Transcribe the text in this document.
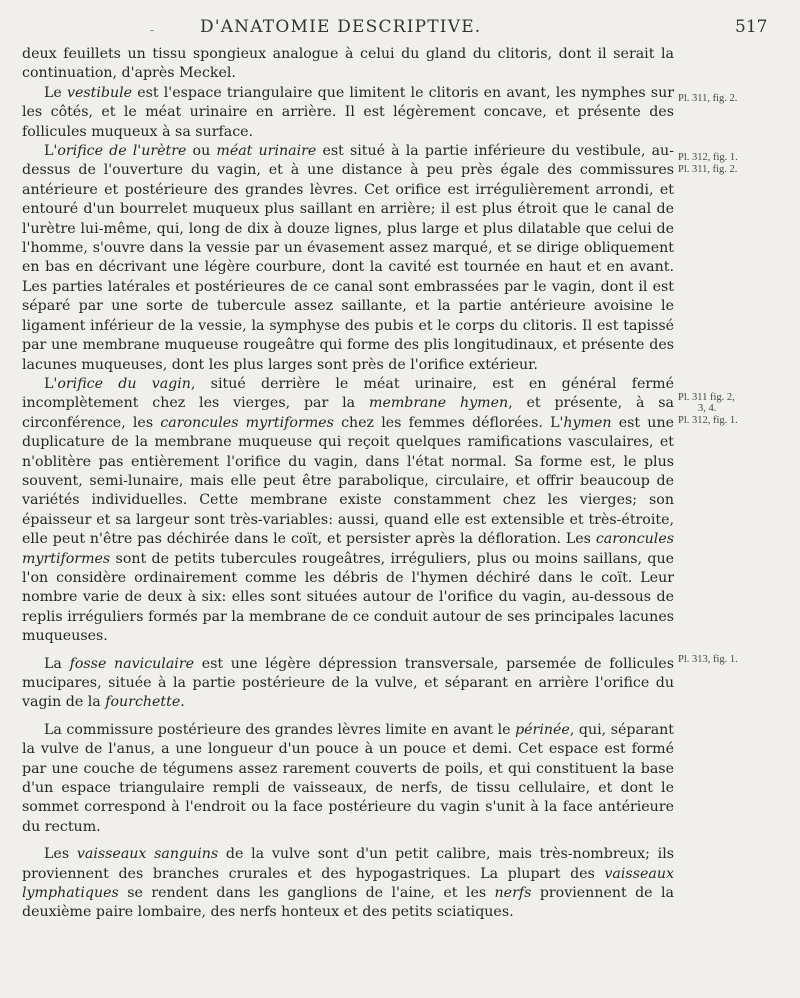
-	D'ANATOMIE DESCRIPTIVE.	517

deux feuillets un tissu spongieux analogue à celui du gland du clitoris, dont il serait la continuation, d'après Meckel.

Le vestibule est l'espace triangulaire que limitent le clitoris en avant, les nymphes sur les côtés, et le méat urinaire en arrière. Il est légèrement concave, et présente des follicules muqueux à sa surface.

L'orifice de l'urètre ou méat urinaire est situé à la partie inférieure du vestibule, au-dessus de l'ouverture du vagin, et à une distance à peu près égale des commissures antérieure et postérieure des grandes lèvres. Cet orifice est irrégulièrement arrondi, et entouré d'un bourrelet muqueux plus saillant en arrière; il est plus étroit que le canal de l'urètre lui-même, qui, long de dix à douze lignes, plus large et plus dilatable que celui de l'homme, s'ouvre dans la vessie par un évasement assez marqué, et se dirige obliquement en bas en décrivant une légère courbure, dont la cavité est tournée en haut et en avant. Les parties latérales et postérieures de ce canal sont embrassées par le vagin, dont il est séparé par une sorte de tubercule assez saillante, et la partie antérieure avoisine le ligament inférieur de la vessie, la symphyse des pubis et le corps du clitoris. Il est tapissé par une membrane muqueuse rougeâtre qui forme des plis longitudinaux, et présente des lacunes muqueuses, dont les plus larges sont près de l'orifice extérieur.

L'orifice du vagin, situé derrière le méat urinaire, est en général fermé incomplètement chez les vierges, par la membrane hymen, et présente, à sa circonférence, les caroncules myrtiformes chez les femmes déflorées. L'hymen est une duplicature de la membrane muqueuse qui reçoit quelques ramifications vasculaires, et n'oblitère pas entièrement l'orifice du vagin, dans l'état normal. Sa forme est, le plus souvent, semi-lunaire, mais elle peut être parabolique, circulaire, et offrir beaucoup de variétés individuelles. Cette membrane existe constamment chez les vierges; son épaisseur et sa largeur sont très-variables: aussi, quand elle est extensible et très-étroite, elle peut n'être pas déchirée dans le coït, et persister après la défloration. Les caroncules myrtiformes sont de petits tubercules rougeâtres, irréguliers, plus ou moins saillans, que l'on considère ordinairement comme les débris de l'hymen déchiré dans le coït. Leur nombre varie de deux à six: elles sont situées autour de l'orifice du vagin, au-dessous de replis irréguliers formés par la membrane de ce conduit autour de ses principales lacunes muqueuses.

La fosse naviculaire est une légère dépression transversale, parsemée de follicules mucipares, située à la partie postérieure de la vulve, et séparant en arrière l'orifice du vagin de la fourchette.

La commissure postérieure des grandes lèvres limite en avant le périnée, qui, séparant la vulve de l'anus, a une longueur d'un pouce à un pouce et demi. Cet espace est formé par une couche de tégumens assez rarement couverts de poils, et qui constituent la base d'un espace triangulaire rempli de vaisseaux, de nerfs, de tissu cellulaire, et dont le sommet correspond à l'endroit ou la face postérieure du vagin s'unit à la face antérieure du rectum.

Les vaisseaux sanguins de la vulve sont d'un petit calibre, mais très-nombreux; ils proviennent des branches crurales et des hypogastriques. La plupart des vaisseaux lymphatiques se rendent dans les ganglions de l'aine, et les nerfs proviennent de la deuxième paire lombaire, des nerfs honteux et des petits sciatiques.

Pl. 311, fig. 2.
Pl. 312, fig. 1.
Pl. 311, fig. 2.
Pl. 311 fig. 2,
3, 4.
Pl. 312, fig. 1.
Pl. 313, fig. 1.
